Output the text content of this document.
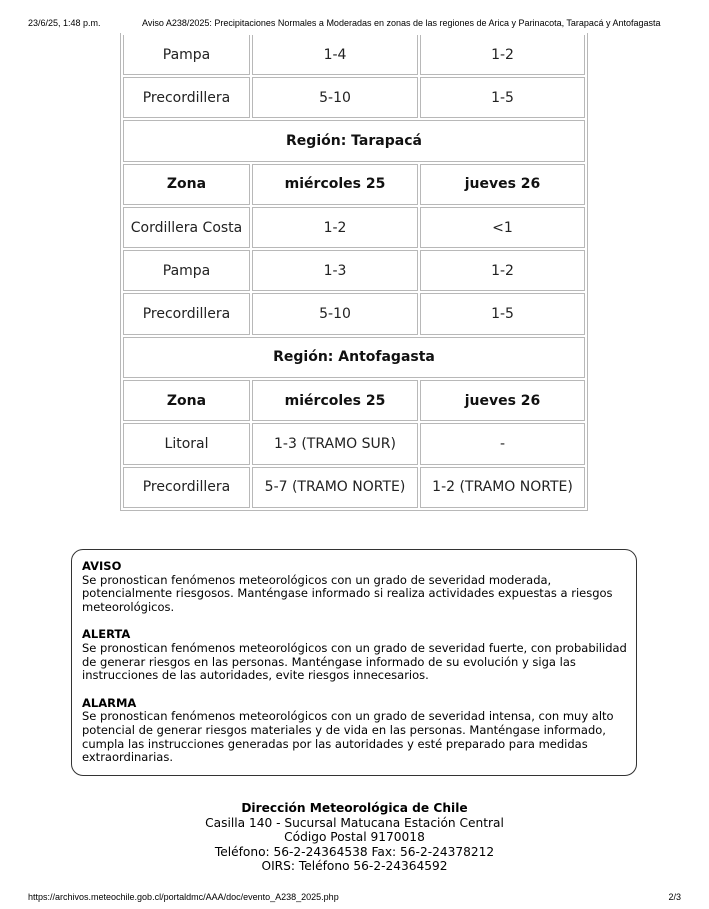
23/6/25, 1:48 p.m.	Aviso A238/2025: Precipitaciones Normales a Moderadas en zonas de las regiones de Arica y Parinacota, Tarapacá y Antofagasta
Pampa	1-4	1-2
Precordillera	5-10	1-5
Región: Tarapacá		
Zona	miércoles 25	jueves 26
Cordillera Costa	1-2	<1
Pampa	1-3	1-2
Precordillera	5-10	1-5
Región: Antofagasta		
Zona	miércoles 25	jueves 26
Litoral	1-3 (TRAMO SUR)	-
Precordillera	5-7 (TRAMO NORTE)	1-2 (TRAMO NORTE)
AVISO
Se pronostican fenómenos meteorológicos con un grado de severidad moderada, potencialmente riesgosos. Manténgase informado si realiza actividades expuestas a riesgos meteorológicos.
ALERTA
Se pronostican fenómenos meteorológicos con un grado de severidad fuerte, con probabilidad de generar riesgos en las personas. Manténgase informado de su evolución y siga las instrucciones de las autoridades, evite riesgos innecesarios.
ALARMA
Se pronostican fenómenos meteorológicos con un grado de severidad intensa, con muy alto potencial de generar riesgos materiales y de vida en las personas. Manténgase informado, cumpla las instrucciones generadas por las autoridades y esté preparado para medidas extraordinarias.
Dirección Meteorológica de Chile
Casilla 140 - Sucursal Matucana Estación Central
Código Postal 9170018
Teléfono: 56-2-24364538 Fax: 56-2-24378212
OIRS: Teléfono 56-2-24364592
https://archivos.meteochile.gob.cl/portaldmc/AAA/doc/evento_A238_2025.php	2/3
